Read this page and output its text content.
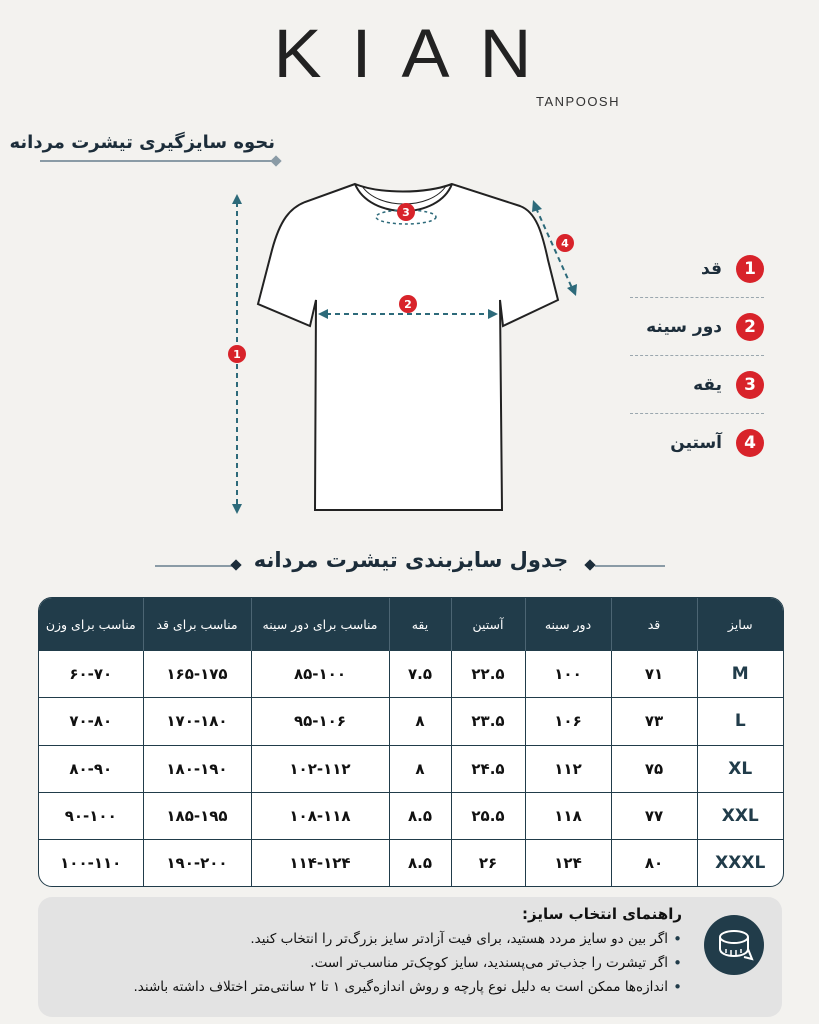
KIAN
TANPOOSH
نحوه سایزگیری تیشرت مردانه
1
2
3
4
1
قد
2
دور سینه
3
یقه
4
آستین
جدول سایزبندی تیشرت مردانه
سایز	قد	دور سینه	آستین	یقه	مناسب برای دور سینه	مناسب برای قد	مناسب برای وزن
M	۷۱	۱۰۰	۲۲.۵	۷.۵	۸۵-۱۰۰	۱۶۵-۱۷۵	۶۰-۷۰
L	۷۳	۱۰۶	۲۳.۵	۸	۹۵-۱۰۶	۱۷۰-۱۸۰	۷۰-۸۰
XL	۷۵	۱۱۲	۲۴.۵	۸	۱۰۲-۱۱۲	۱۸۰-۱۹۰	۸۰-۹۰
XXL	۷۷	۱۱۸	۲۵.۵	۸.۵	۱۰۸-۱۱۸	۱۸۵-۱۹۵	۹۰-۱۰۰
XXXL	۸۰	۱۲۴	۲۶	۸.۵	۱۱۴-۱۲۴	۱۹۰-۲۰۰	۱۰۰-۱۱۰
راهنمای انتخاب سایز:
• اگر بین دو سایز مردد هستید، برای فیت آزادتر سایز بزرگ‌تر را انتخاب کنید.
• اگر تیشرت را جذب‌تر می‌پسندید، سایز کوچک‌تر مناسب‌تر است.
• اندازه‌ها ممکن است به دلیل نوع پارچه و روش اندازه‌گیری ۱ تا ۲ سانتی‌متر اختلاف داشته باشند.
